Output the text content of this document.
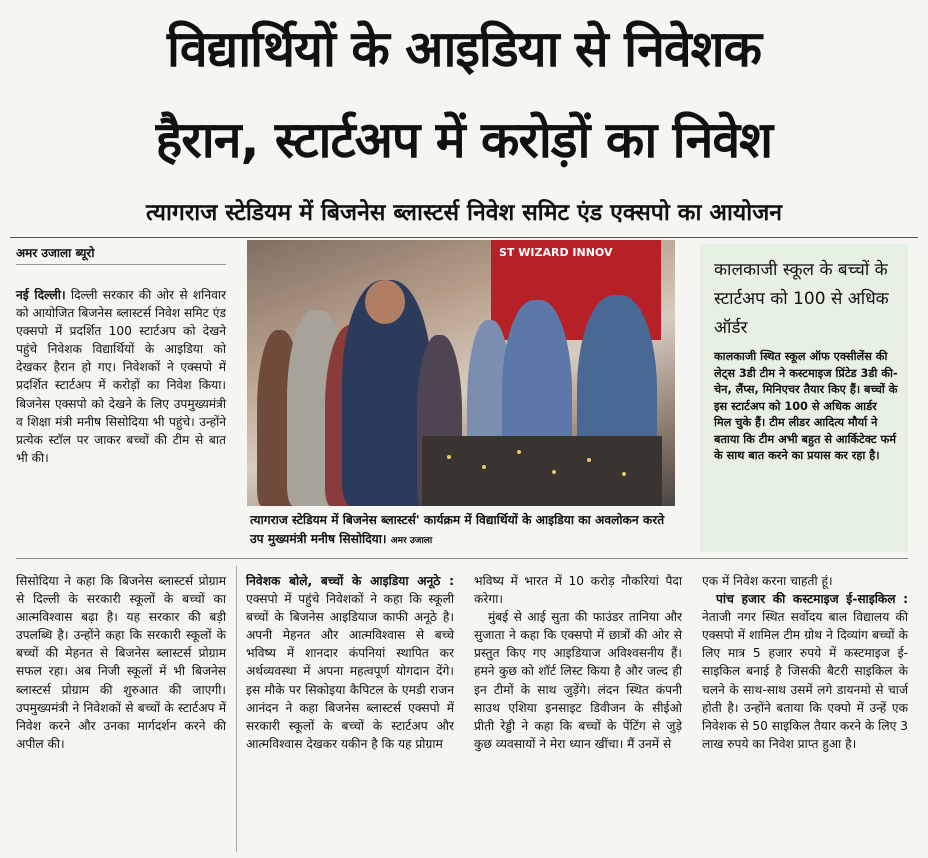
विद्यार्थियों के आइडिया से निवेशक
हैरान, स्टार्टअप में करोड़ों का निवेश
त्यागराज स्टेडियम में बिजनेस ब्लास्टर्स निवेश समिट एंड एक्सपो का आयोजन
अमर उजाला ब्यूरो
नई दिल्ली। दिल्ली सरकार की ओर से शनिवार को आयोजित बिजनेस ब्लास्टर्स निवेश समिट एंड एक्सपो में प्रदर्शित 100 स्टार्टअप को देखने पहुंचे निवेशक विद्यार्थियों के आइडिया को देखकर हैरान हो गए। निवेशकों ने एक्सपो में प्रदर्शित स्टार्टअप में करोड़ों का निवेश किया। बिजनेस एक्सपो को देखने के लिए उपमुख्यमंत्री व शिक्षा मंत्री मनीष सिसोदिया भी पहुंचे। उन्होंने प्रत्येक स्टॉल पर जाकर बच्चों की टीम से बात भी की।
ST WIZARD INNOV
त्यागराज स्टेडियम में बिजनेस ब्लास्टर्स' कार्यक्रम में विद्यार्थियों के आइडिया का अवलोकन करते उप मुख्यमंत्री मनीष सिसोदिया। अमर उजाला
कालकाजी स्कूल के बच्चों के स्टार्टअप को 100 से अधिक ऑर्डर
कालकाजी स्थित स्कूल ऑफ एक्सीलेंस की लेट्स 3डी टीम ने कस्टमाइज प्रिंटेड 3डी की-चेन, लैंप्स, मिनिएचर तैयार किए हैं। बच्चों के इस स्टार्टअप को 100 से अधिक आर्डर मिल चुके हैं। टीम लीडर आदित्य मौर्या ने बताया कि टीम अभी बहुत से आर्किटेक्ट फर्म के साथ बात करने का प्रयास कर रहा है।
सिसोदिया ने कहा कि बिजनेस ब्लास्टर्स प्रोग्राम से दिल्ली के सरकारी स्कूलों के बच्चों का आत्मविश्वास बढ़ा है। यह सरकार की बड़ी उपलब्धि है। उन्होंने कहा कि सरकारी स्कूलों के बच्चों की मेहनत से बिजनेस ब्लास्टर्स प्रोग्राम सफल रहा। अब निजी स्कूलों में भी बिजनेस ब्लास्टर्स प्रोग्राम की शुरुआत की जाएगी। उपमुख्यमंत्री ने निवेशकों से बच्चों के स्टार्टअप में निवेश करने और उनका मार्गदर्शन करने की अपील की।
निवेशक बोले, बच्चों के आइडिया अनूठे : एक्सपो में पहुंचे निवेशकों ने कहा कि स्कूली बच्चों के बिजनेस आइडियाज काफी अनूठे है। अपनी मेहनत और आत्मविश्वास से बच्चे भविष्य में शानदार कंपनियां स्थापित कर अर्थव्यवस्था में अपना महत्वपूर्ण योगदान देंगे। इस मौके पर सिकोइया कैपिटल के एमडी राजन आनंदन ने कहा बिजनेस ब्लास्टर्स एक्सपो में सरकारी स्कूलों के बच्चों के स्टार्टअप और आत्मविश्वास देखकर यकीन है कि यह प्रोग्राम
भविष्य में भारत में 10 करोड़ नौकरियां पैदा करेगा।
मुंबई से आई सुता की फाउंडर तानिया और सुजाता ने कहा कि एक्सपो में छात्रों की ओर से प्रस्तुत किए गए आइडियाज अविश्वसनीय हैं। हमने कुछ को शॉर्ट लिस्ट किया है और जल्द ही इन टीमों के साथ जुड़ेंगे। लंदन स्थित कंपनी साउथ एशिया इनसाइट डिवीजन के सीईओ प्रीती रेड्डी ने कहा कि बच्चों के पेंटिंग से जुड़े कुछ व्यवसायों ने मेरा ध्यान खींचा। मैं उनमें से
एक में निवेश करना चाहती हूं।
पांच हजार की कस्टमाइज ई-साइकिल : नेताजी नगर स्थित सर्वोदय बाल विद्यालय की एक्सपो में शामिल टीम ग्रोथ ने दिव्यांग बच्चों के लिए मात्र 5 हजार रुपये में कस्टमाइज ई-साइकिल बनाई है जिसकी बैटरी साइकिल के चलने के साथ-साथ उसमें लगे डायनमो से चार्ज होती है। उन्होंने बताया कि एक्पो में उन्हें एक निवेशक से 50 साइकिल तैयार करने के लिए 3 लाख रुपये का निवेश प्राप्त हुआ है।
